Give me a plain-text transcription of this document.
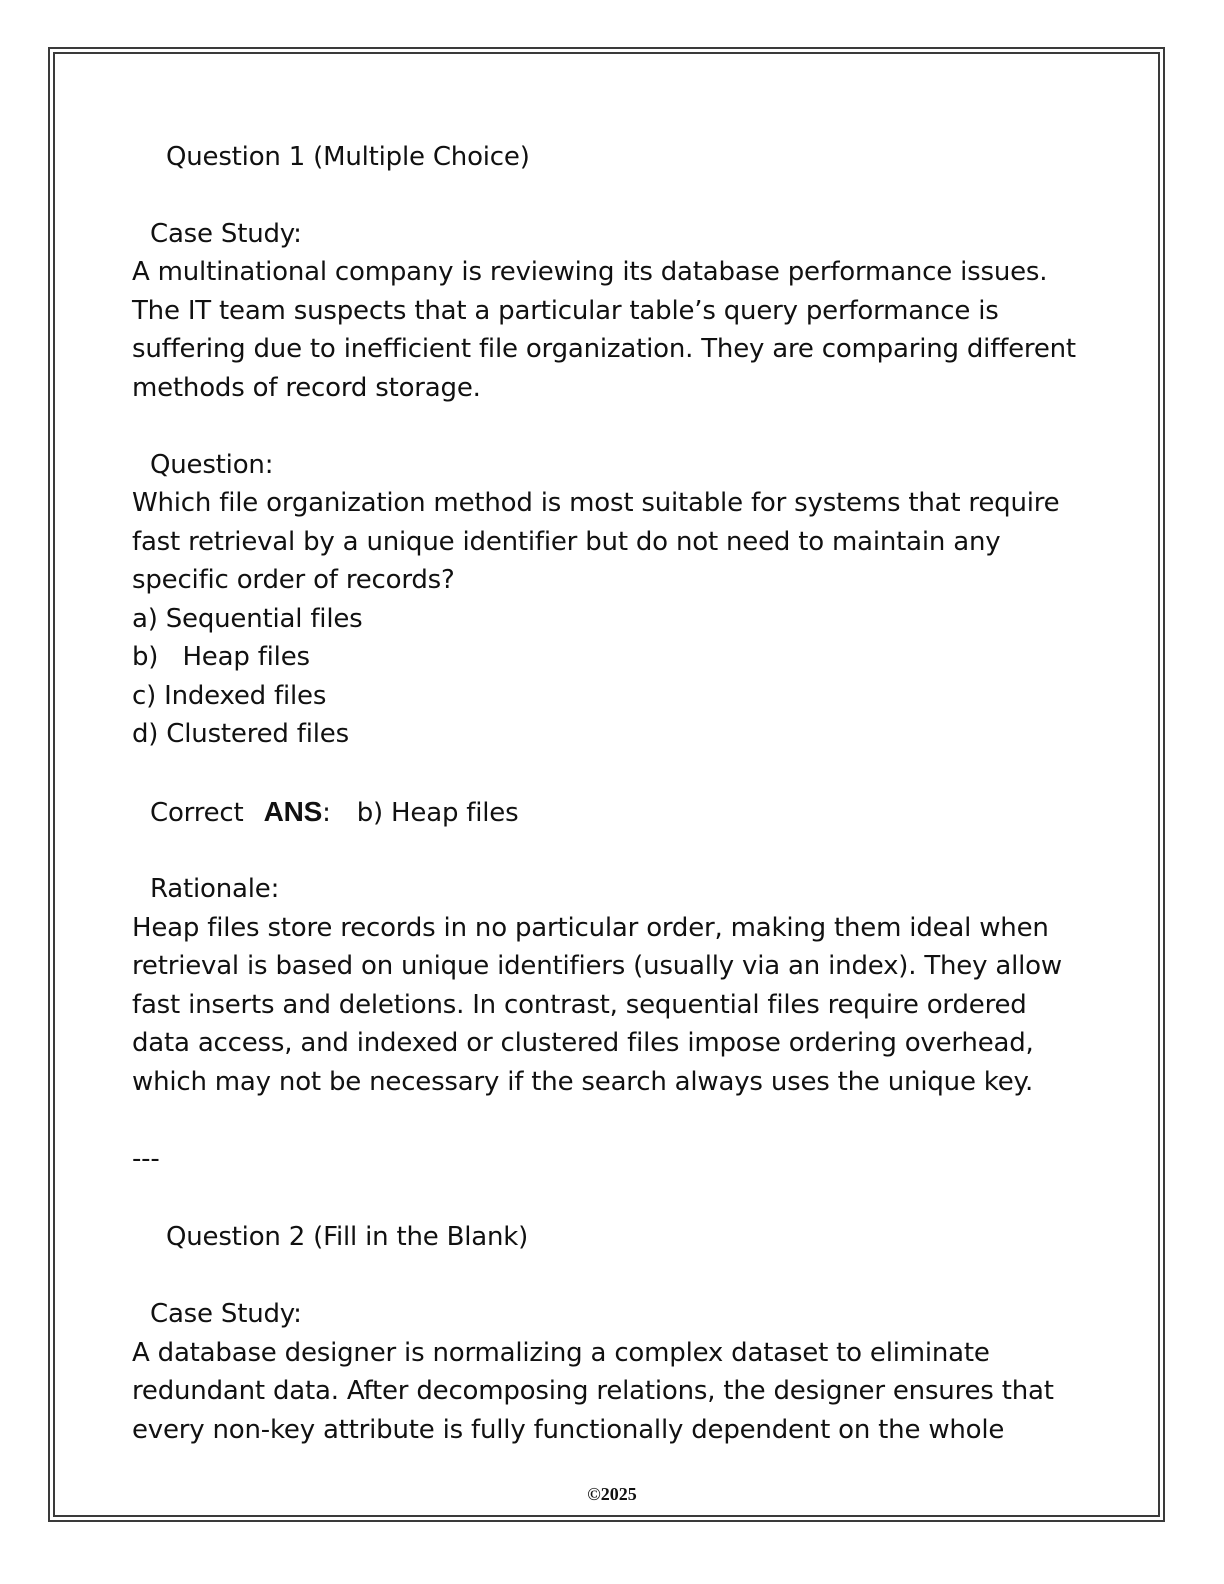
Question 1 (Multiple Choice)
Case Study:
A multinational company is reviewing its database performance issues.
The IT team suspects that a particular table’s query performance is
suffering due to inefficient file organization. They are comparing different
methods of record storage.
Question:
Which file organization method is most suitable for systems that require
fast retrieval by a unique identifier but do not need to maintain any
specific order of records?
a) Sequential files
b)   Heap files
c) Indexed files
d) Clustered files
Correct ANS: b) Heap files
Rationale:
Heap files store records in no particular order, making them ideal when
retrieval is based on unique identifiers (usually via an index). They allow
fast inserts and deletions. In contrast, sequential files require ordered
data access, and indexed or clustered files impose ordering overhead,
which may not be necessary if the search always uses the unique key.
---
Question 2 (Fill in the Blank)
Case Study:
A database designer is normalizing a complex dataset to eliminate
redundant data. After decomposing relations, the designer ensures that
every non-key attribute is fully functionally dependent on the whole
©2025
